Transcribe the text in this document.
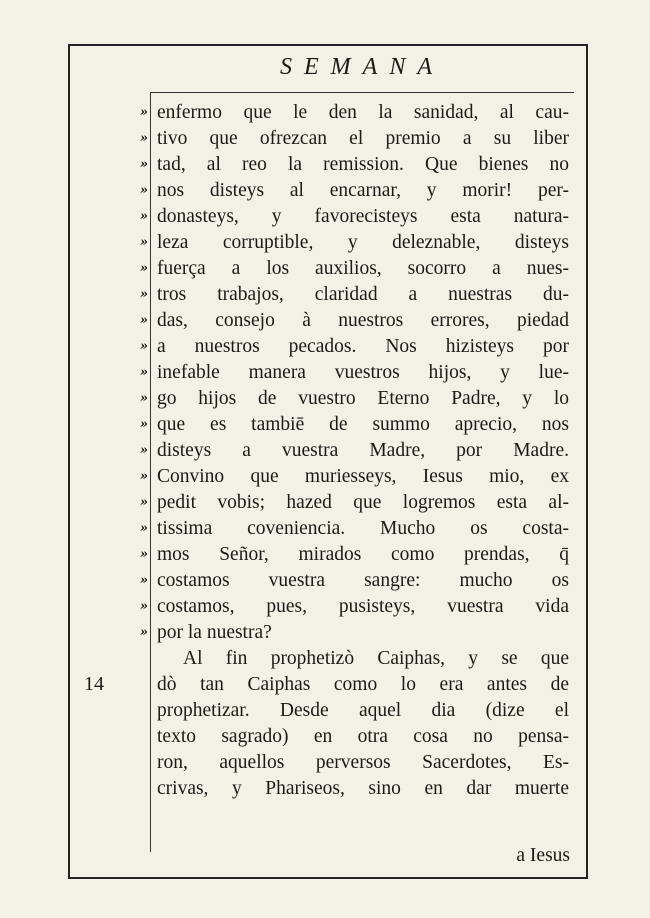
SEMANA
»
»
»
»
»
»
»
»
»
»
»
»
»
»
»
»
»
»
»
»
»
14
enfermo que le den la sanidad, al cau-
tivo que ofrezcan el premio a su liber
tad, al reo la remission. Que bienes no
nos disteys al encarnar, y morir! per-
donasteys, y favorecisteys esta natura-
leza corruptible, y deleznable, disteys
fuerça a los auxilios, socorro a nues-
tros trabajos, claridad a nuestras du-
das, consejo à nuestros errores, piedad
a nuestros pecados. Nos hizisteys por
inefable manera vuestros hijos, y lue-
go hijos de vuestro Eterno Padre, y lo
que es tambiē de summo aprecio, nos
disteys a vuestra Madre, por Madre.
Convino que muriesseys, Iesus mio, ex
pedit vobis; hazed que logremos esta al-
tissima coveniencia. Mucho os costa-
mos Señor, mirados como prendas, q̄
costamos vuestra sangre: mucho os
costamos, pues, pusisteys, vuestra vida
por la nuestra?
Al fin prophetizò Caiphas, y se que
dò tan Caiphas como lo era antes de
prophetizar. Desde aquel dia (dize el
texto sagrado) en otra cosa no pensa-
ron, aquellos perversos Sacerdotes, Es-
crivas, y Phariseos, sino en dar muerte
a Iesus
